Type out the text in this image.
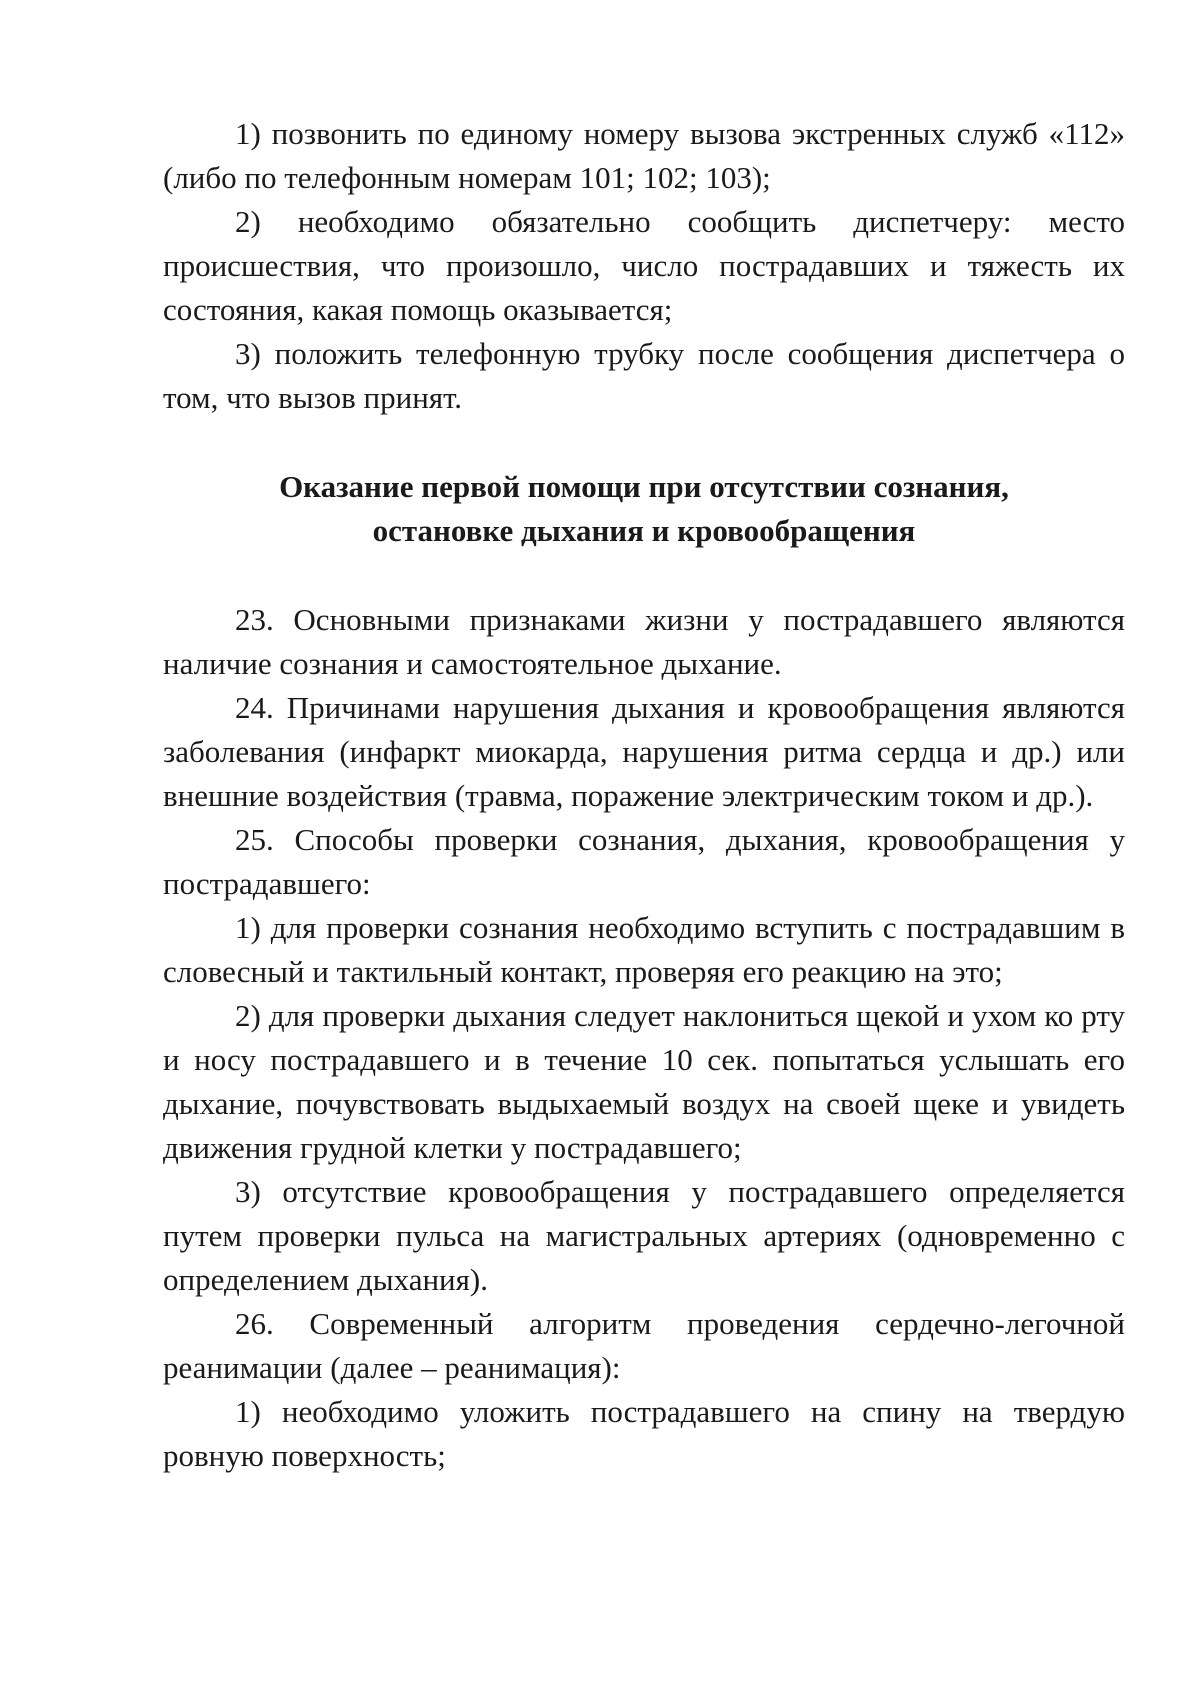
1) позвонить по единому номеру вызова экстренных служб «112» (либо по телефонным номерам 101; 102; 103);

2) необходимо обязательно сообщить диспетчеру: место происшествия, что произошло, число пострадавших и тяжесть их состояния, какая помощь оказывается;

3) положить телефонную трубку после сообщения диспетчера о том, что вызов принят.

Оказание первой помощи при отсутствии сознания,
остановке дыхания и кровообращения

23. Основными признаками жизни у пострадавшего являются наличие сознания и самостоятельное дыхание.

24. Причинами нарушения дыхания и кровообращения являются заболевания (инфаркт миокарда, нарушения ритма сердца и др.) или внешние воздействия (травма, поражение электрическим током и др.).

25. Способы проверки сознания, дыхания, кровообращения у пострадавшего:

1) для проверки сознания необходимо вступить с пострадавшим в словесный и тактильный контакт, проверяя его реакцию на это;

2) для проверки дыхания следует наклониться щекой и ухом ко рту и носу пострадавшего и в течение 10 сек. попытаться услышать его дыхание, почувствовать выдыхаемый воздух на своей щеке и увидеть движения грудной клетки у пострадавшего;

3) отсутствие кровообращения у пострадавшего определяется путем проверки пульса на магистральных артериях (одновременно с определением дыхания).

26. Современный алгоритм проведения сердечно-легочной реанимации (далее – реанимация):

1) необходимо уложить пострадавшего на спину на твердую ровную поверхность;
